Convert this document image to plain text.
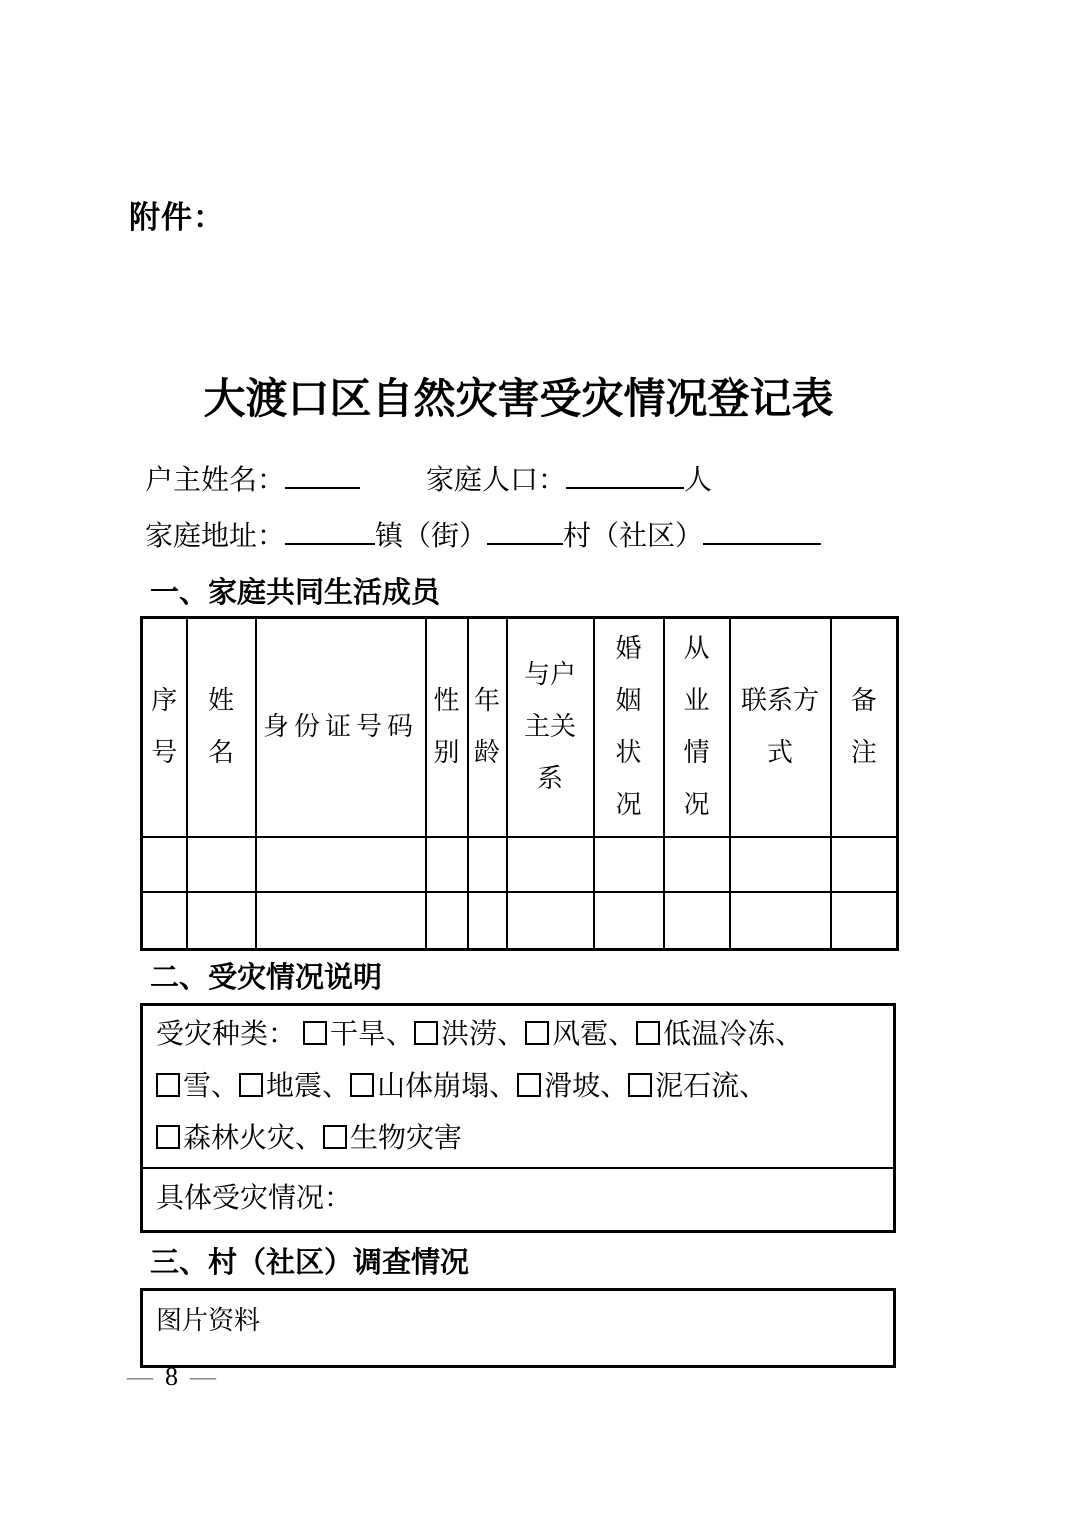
附件：
大渡口区自然灾害受灾情况登记表
户主姓名：	家庭人口：	人
家庭地址：	镇（街）	村（社区）
一、家庭共同生活成员
序号	姓名	身份证号码	性别	年龄	与户主关系	婚姻状况	从业情况	联系方式	备注

二、受灾情况说明
受灾种类： 干旱、 洪涝、 风雹、 低温冷冻、雪、 地震、 山体崩塌、 滑坡、 泥石流、森林火灾、 生物灾害
具体受灾情况：
三、村（社区）调查情况
图片资料
— 8 —
